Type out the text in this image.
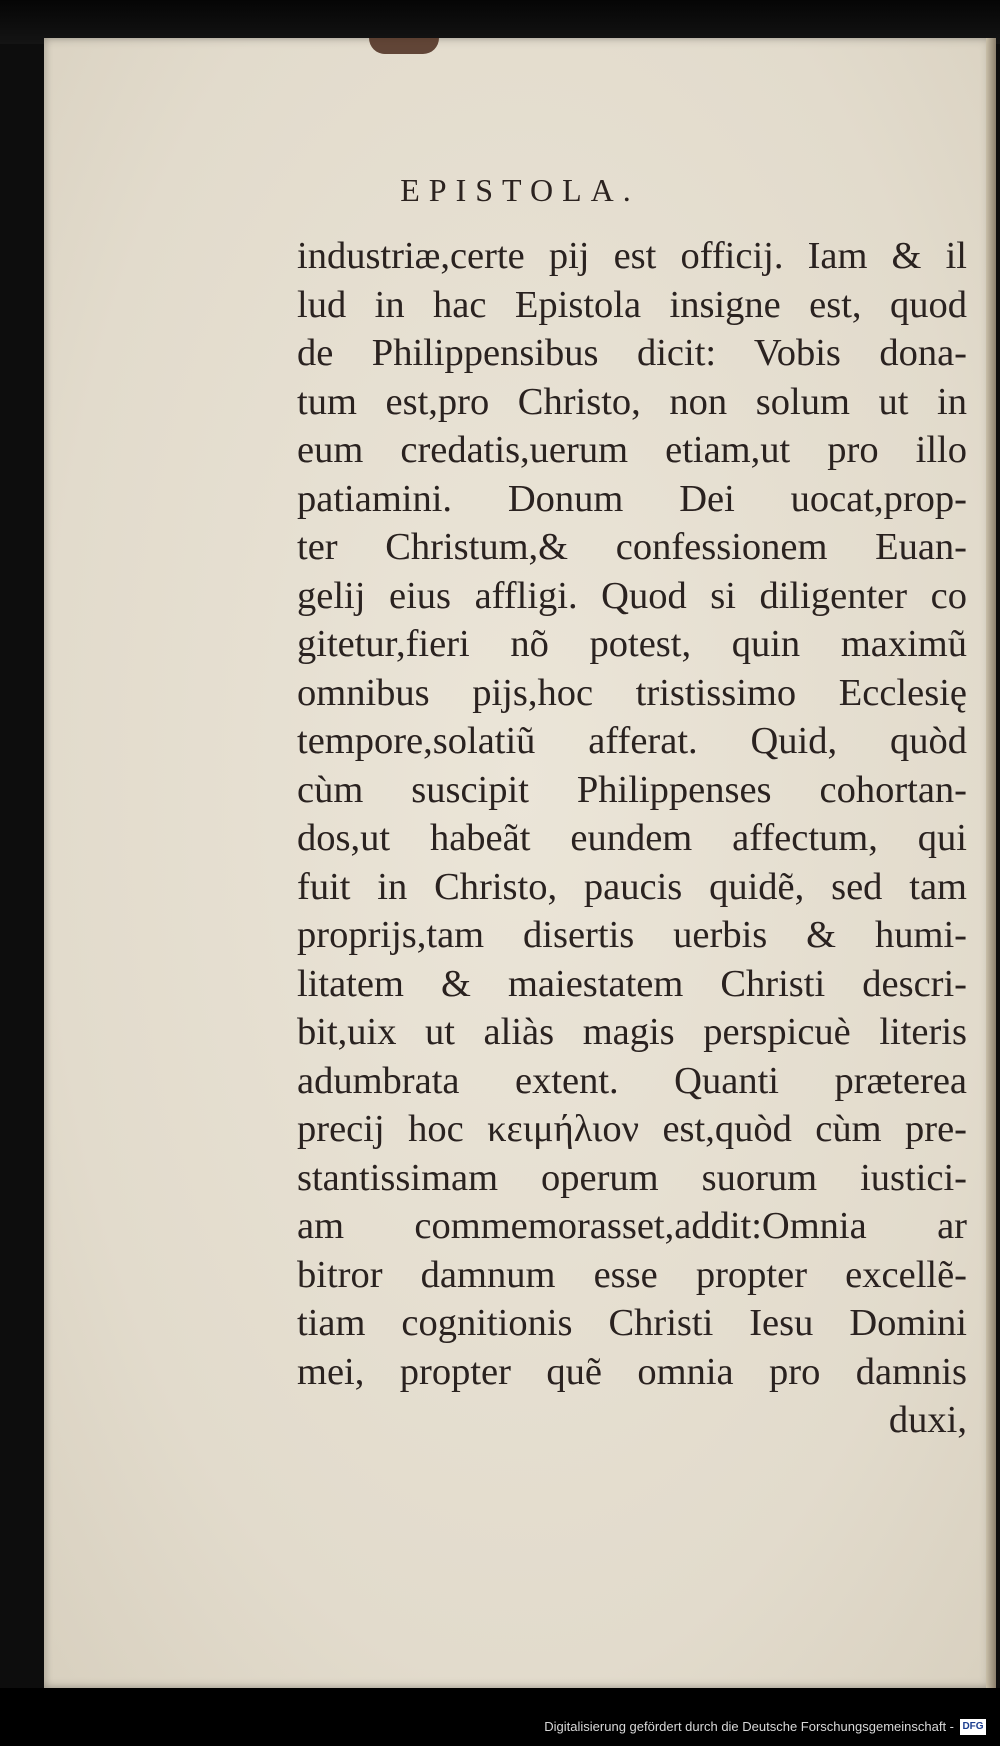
EPISTOLA.
industriæ,certe pij est officij. Iam & il
lud in hac Epistola insigne est, quod
de Philippensibus dicit: Vobis dona-
tum est,pro Christo, non solum ut in
eum credatis,uerum etiam,ut pro illo
patiamini. Donum Dei uocat,prop-
ter Christum,& confessionem Euan-
gelij eius affligi. Quod si diligenter co
gitetur,fieri nõ potest, quin maximũ
omnibus pijs,hoc tristissimo Ecclesię
tempore,solatiũ afferat. Quid, quòd
cùm suscipit Philippenses cohortan-
dos,ut habeãt eundem affectum, qui
fuit in Christo, paucis quidẽ, sed tam
proprijs,tam disertis uerbis & humi-
litatem & maiestatem Christi descri-
bit,uix ut aliàs magis perspicuè literis
adumbrata extent. Quanti præterea
precij hoc κειμήλιον est,quòd cùm pre-
stantissimam operum suorum iustici-
am commemorasset,addit:Omnia ar
bitror damnum esse propter excellẽ-
tiam cognitionis Christi Iesu Domini
mei, propter quẽ omnia pro damnis
duxi,
Digitalisierung gefördert durch die Deutsche Forschungsgemeinschaft - DFG
